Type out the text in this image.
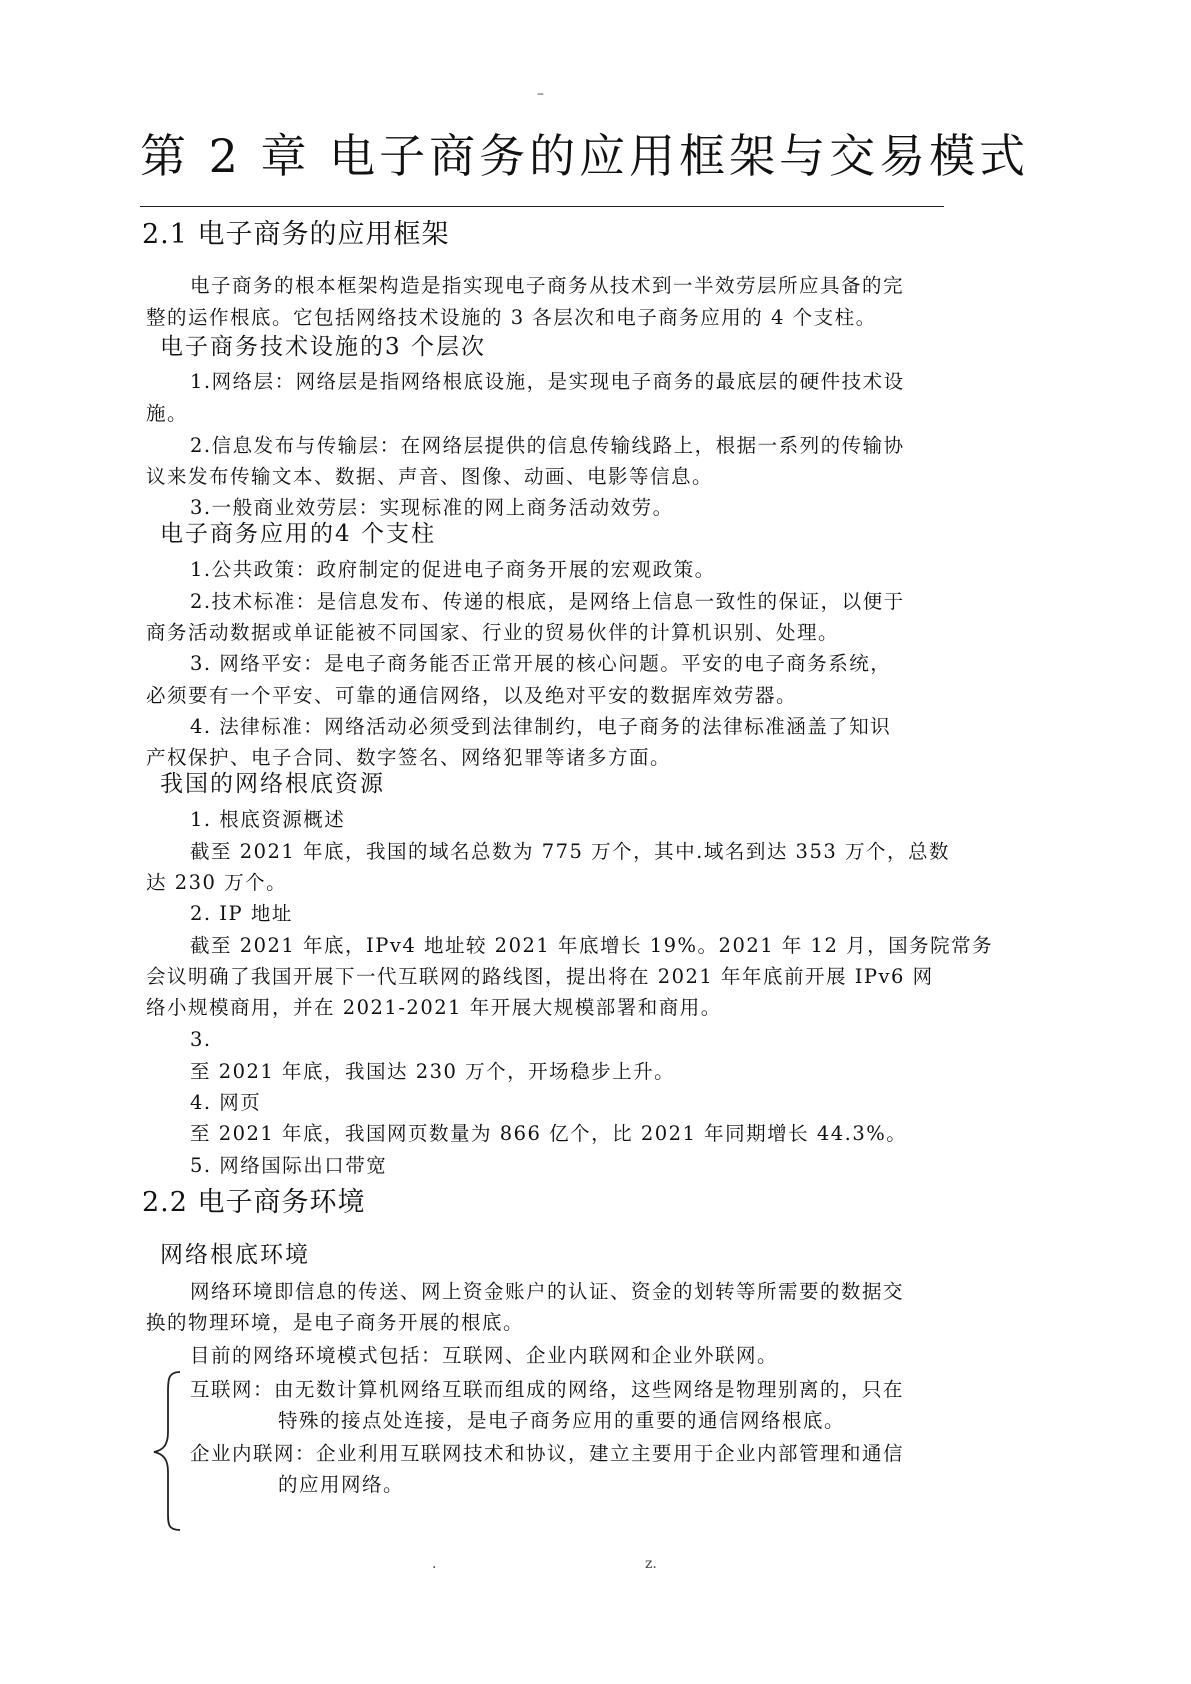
–
第 2 章 电子商务的应用框架与交易模式
2.1 电子商务的应用框架
电子商务的根本框架构造是指实现电子商务从技术到一半效劳层所应具备的完
整的运作根底。它包括网络技术设施的 3 各层次和电子商务应用的 4 个支柱。
电子商务技术设施的3 个层次
1.网络层：网络层是指网络根底设施，是实现电子商务的最底层的硬件技术设
施。
2.信息发布与传输层：在网络层提供的信息传输线路上，根据一系列的传输协
议来发布传输文本、数据、声音、图像、动画、电影等信息。
3.一般商业效劳层：实现标准的网上商务活动效劳。
电子商务应用的4 个支柱
1.公共政策：政府制定的促进电子商务开展的宏观政策。
2.技术标准：是信息发布、传递的根底，是网络上信息一致性的保证，以便于
商务活动数据或单证能被不同国家、行业的贸易伙伴的计算机识别、处理。
3. 网络平安：是电子商务能否正常开展的核心问题。平安的电子商务系统，
必须要有一个平安、可靠的通信网络，以及绝对平安的数据库效劳器。
4. 法律标准：网络活动必须受到法律制约，电子商务的法律标准涵盖了知识
产权保护、电子合同、数字签名、网络犯罪等诸多方面。
我国的网络根底资源
1. 根底资源概述
截至 2021 年底，我国的域名总数为 775 万个，其中.域名到达 353 万个，总数
达 230 万个。
2. IP 地址
截至 2021 年底，IPv4 地址较 2021 年底增长 19%。2021 年 12 月，国务院常务
会议明确了我国开展下一代互联网的路线图，提出将在 2021 年年底前开展 IPv6 网
络小规模商用，并在 2021-2021 年开展大规模部署和商用。
3.
至 2021 年底，我国达 230 万个，开场稳步上升。
4. 网页
至 2021 年底，我国网页数量为 866 亿个，比 2021 年同期增长 44.3%。
5. 网络国际出口带宽
2.2 电子商务环境
网络根底环境
网络环境即信息的传送、网上资金账户的认证、资金的划转等所需要的数据交
换的物理环境，是电子商务开展的根底。
目前的网络环境模式包括：互联网、企业内联网和企业外联网。
互联网：由无数计算机网络互联而组成的网络，这些网络是物理别离的，只在
特殊的接点处连接，是电子商务应用的重要的通信网络根底。
企业内联网：企业利用互联网技术和协议，建立主要用于企业内部管理和通信
的应用网络。
.	z.
